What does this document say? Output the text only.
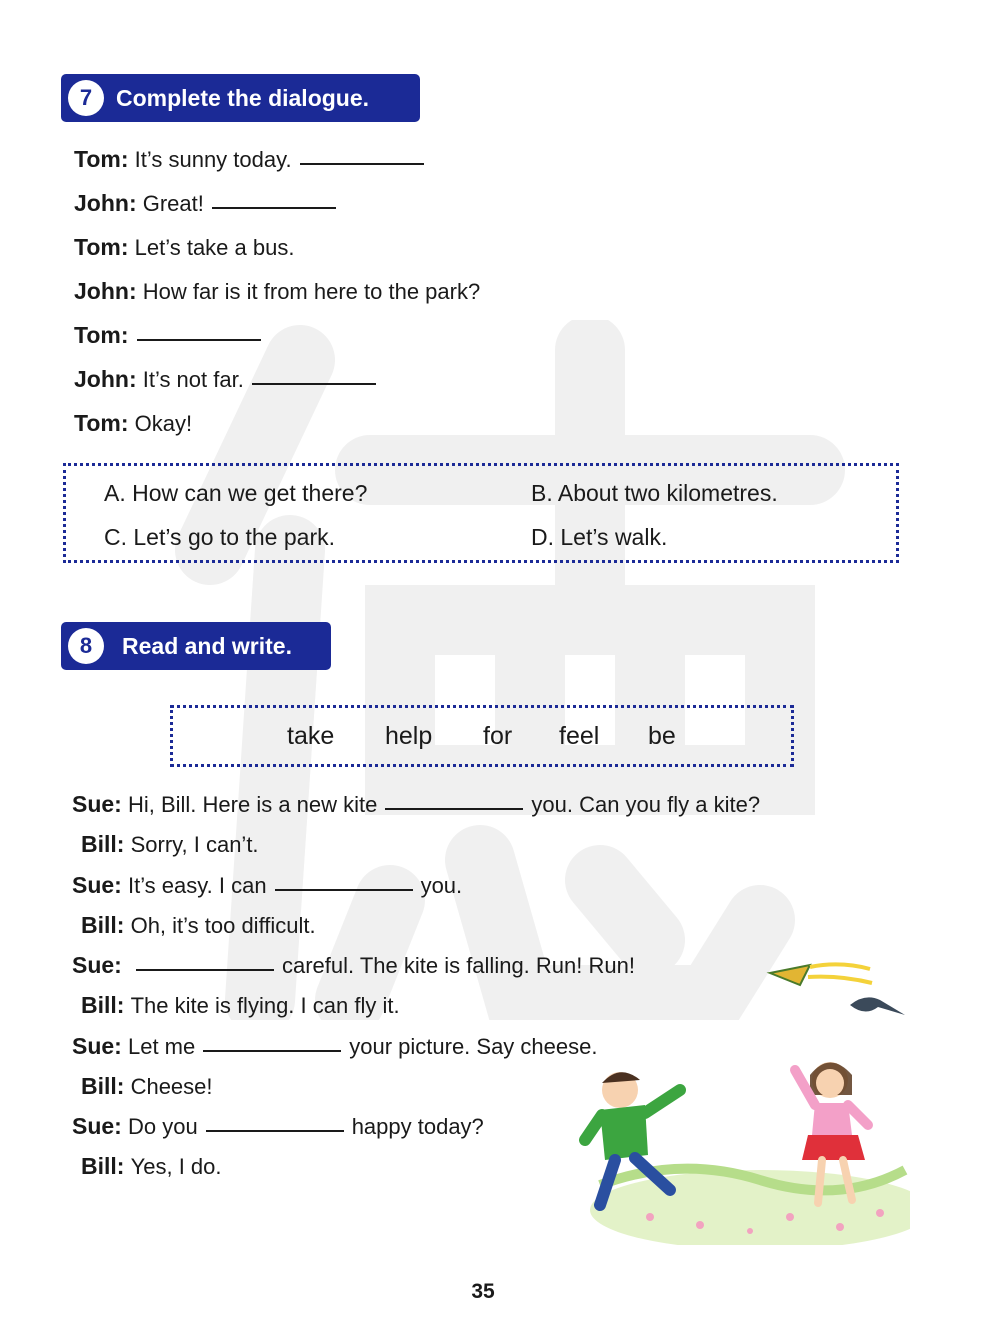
7	Complete the dialogue.
Tom:
It’s sunny today.
John:
Great!
Tom:
Let’s take a bus.
John:
How far is it from here to the park?
Tom:
John:
It’s not far.
Tom:
Okay!
A. How can we get there?	B. About two kilometres.
C. Let’s go to the park.	D. Let’s walk.
8	Read and write.
take help for feel be
Sue:
Hi, Bill. Here is a new kite	you. Can you fly a kite?
Bill:
Sorry, I can’t.
Sue:
It’s easy. I can	you.
Bill:
Oh, it’s too difficult.
Sue:
	careful. The kite is falling. Run! Run!
Bill:
The kite is flying. I can fly it.
Sue:
Let me	your picture. Say cheese.
Bill:
Cheese!
Sue:
Do you	happy today?
Bill:
Yes, I do.
35
